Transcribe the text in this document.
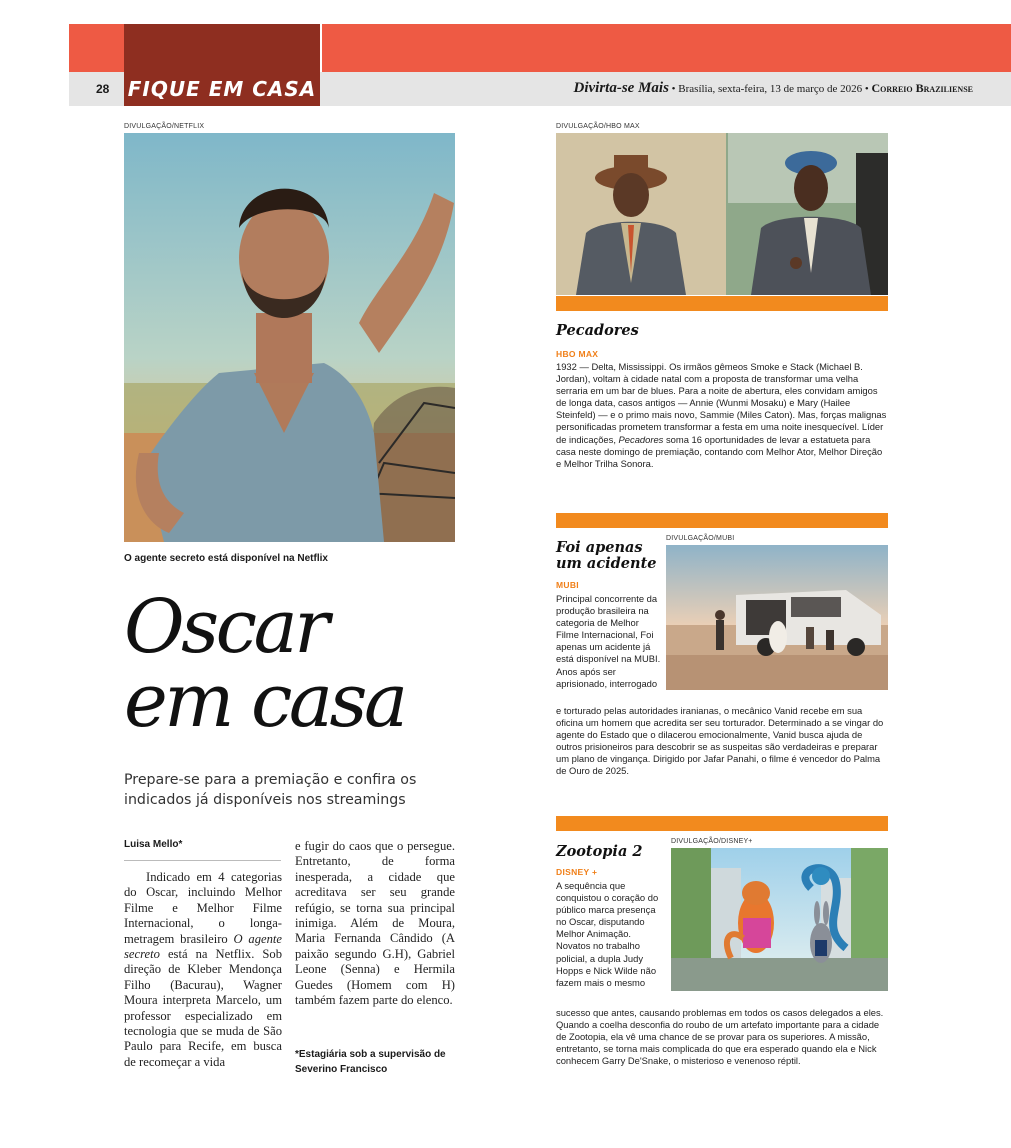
FIQUE EM CASA
28	Divirta-se Mais • Brasília, sexta-feira, 13 de março de 2026 • Correio Braziliense
DIVULGAÇÃO/NETFLIX
O agente secreto está disponível na Netflix
Oscar
em casa
Prepare-se para a premiação e confira os indicados já disponíveis nos streamings
Luisa Mello*

Indicado em 4 categorias do Oscar, incluindo Melhor Filme e Melhor Filme Internacional, o longa-metragem brasileiro O agente secreto está na Netflix. Sob direção de Kleber Mendonça Filho (Bacurau), Wagner Moura interpreta Marcelo, um professor especializado em tecnologia que se muda de São Paulo para Recife, em busca de recomeçar a vida

e fugir do caos que o persegue. Entretanto, de forma inesperada, a cidade que acreditava ser seu grande refúgio, se torna sua principal inimiga. Além de Moura, Maria Fernanda Cândido (A paixão segundo G.H), Gabriel Leone (Senna) e Hermila Guedes (Homem com H) também fazem parte do elenco.

*Estagiária sob a supervisão de Severino Francisco
DIVULGAÇÃO/HBO MAX
Pecadores
HBO MAX
1932 — Delta, Mississippi. Os irmãos gêmeos Smoke e Stack (Michael B. Jordan), voltam à cidade natal com a proposta de transformar uma velha serraria em um bar de blues. Para a noite de abertura, eles convidam amigos de longa data, casos antigos — Annie (Wunmi Mosaku) e Mary (Hailee Steinfeld) — e o primo mais novo, Sammie (Miles Caton). Mas, forças malignas personificadas prometem transformar a festa em uma noite inesquecível. Líder de indicações, Pecadores soma 16 oportunidades de levar a estatueta para casa neste domingo de premiação, contando com Melhor Ator, Melhor Direção e Melhor Trilha Sonora.
DIVULGAÇÃO/MUBI
Foi apenas um acidente
MUBI
Principal concorrente da produção brasileira na categoria de Melhor Filme Internacional, Foi apenas um acidente já está disponível na MUBI. Anos após ser aprisionado, interrogado
e torturado pelas autoridades iranianas, o mecânico Vanid recebe em sua oficina um homem que acredita ser seu torturador. Determinado a se vingar do agente do Estado que o dilacerou emocionalmente, Vanid busca ajuda de outros prisioneiros para descobrir se as suspeitas são verdadeiras e preparar um plano de vingança. Dirigido por Jafar Panahi, o filme é vencedor do Palma de Ouro de 2025.
DIVULGAÇÃO/DISNEY+
Zootopia 2
DISNEY +
A sequência que conquistou o coração do público marca presença no Oscar, disputando Melhor Animação. Novatos no trabalho policial, a dupla Judy Hopps e Nick Wilde não fazem mais o mesmo
sucesso que antes, causando problemas em todos os casos delegados a eles. Quando a coelha desconfia do roubo de um artefato importante para a cidade de Zootopia, ela vê uma chance de se provar para os superiores. A missão, entretanto, se torna mais complicada do que era esperado quando ela e Nick conhecem Garry De'Snake, o misterioso e venenoso réptil.
